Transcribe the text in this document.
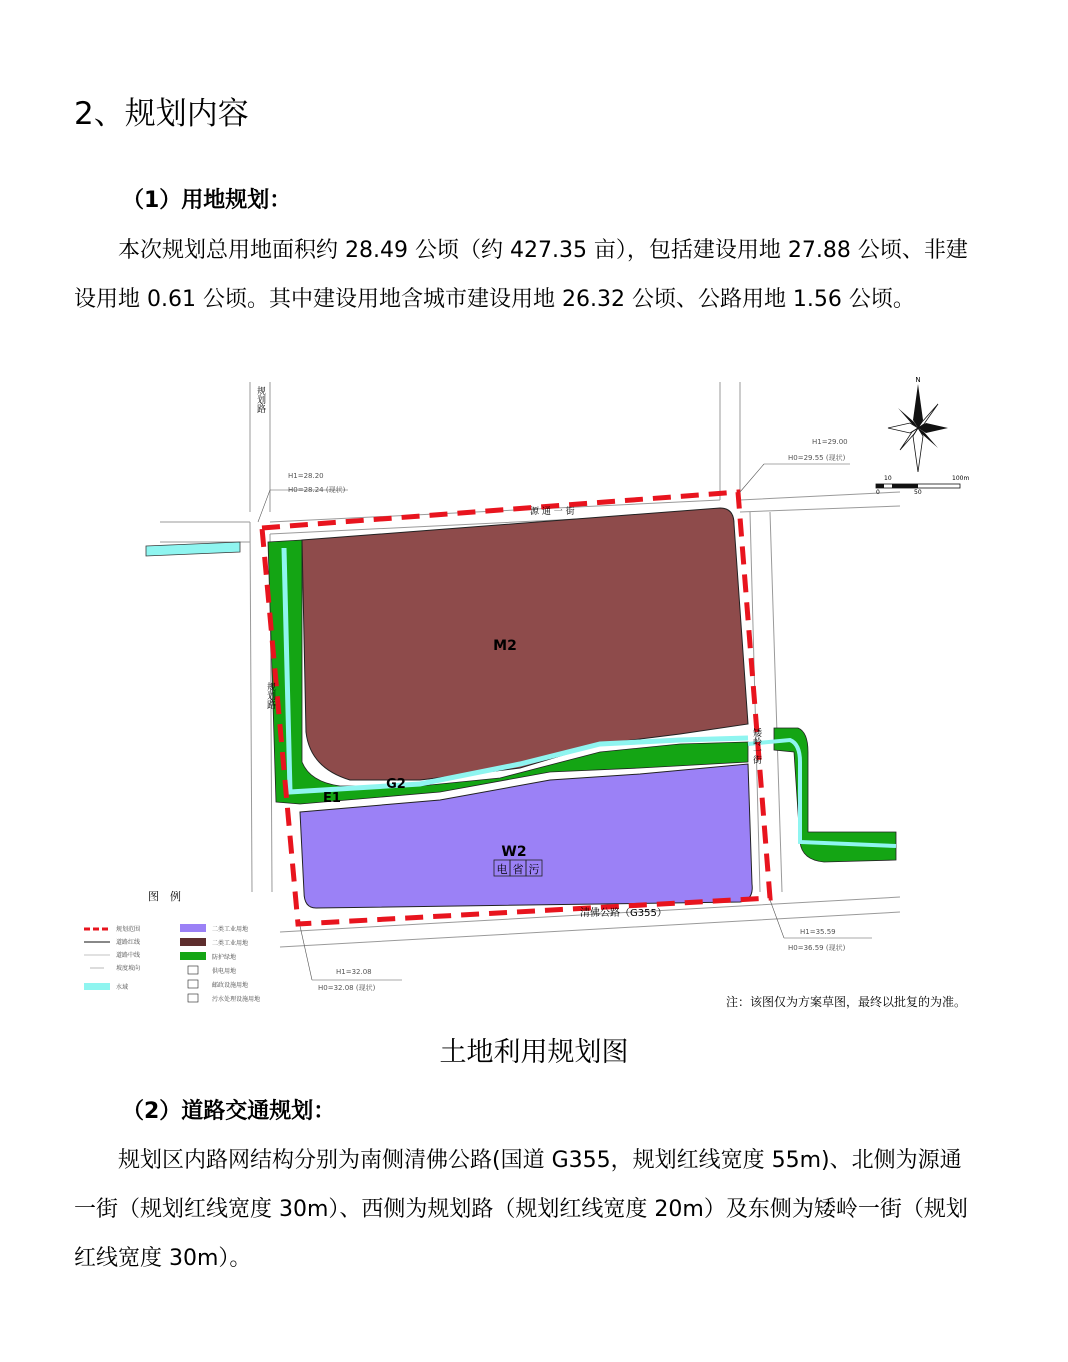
2、规划内容
（1）用地规划：
本次规划总用地面积约 28.49 公顷（约 427.35 亩），包括建设用地 27.88 公顷、非建设用地 0.61 公顷。其中建设用地含城市建设用地 26.32 公顷、公路用地 1.56 公顷。
M2
W2
G2
E1
电 省 污
规划路
规划路
源 通 一 街
矮岭一街
清佛公路（G355）
H1=28.20
H0=28.24 (现状)
H1=29.00
H0=29.55 (现状)
H1=35.59
H0=36.59 (现状)
H1=32.08
H0=32.08 (现状)
N
0
10
50
100m
图　例
规划范围
道路红线
道路中线
坡度坡向
水域
二类工业用地
二类工业用地
防护绿地
供电用地
邮政设施用地
污水处理设施用地	注：该图仅为方案草图，最终以批复的为准。
土地利用规划图
（2）道路交通规划：
规划区内路网结构分别为南侧清佛公路(国道 G355，规划红线宽度 55m)、北侧为源通一街（规划红线宽度 30m）、西侧为规划路（规划红线宽度 20m）及东侧为矮岭一街（规划红线宽度 30m）。
